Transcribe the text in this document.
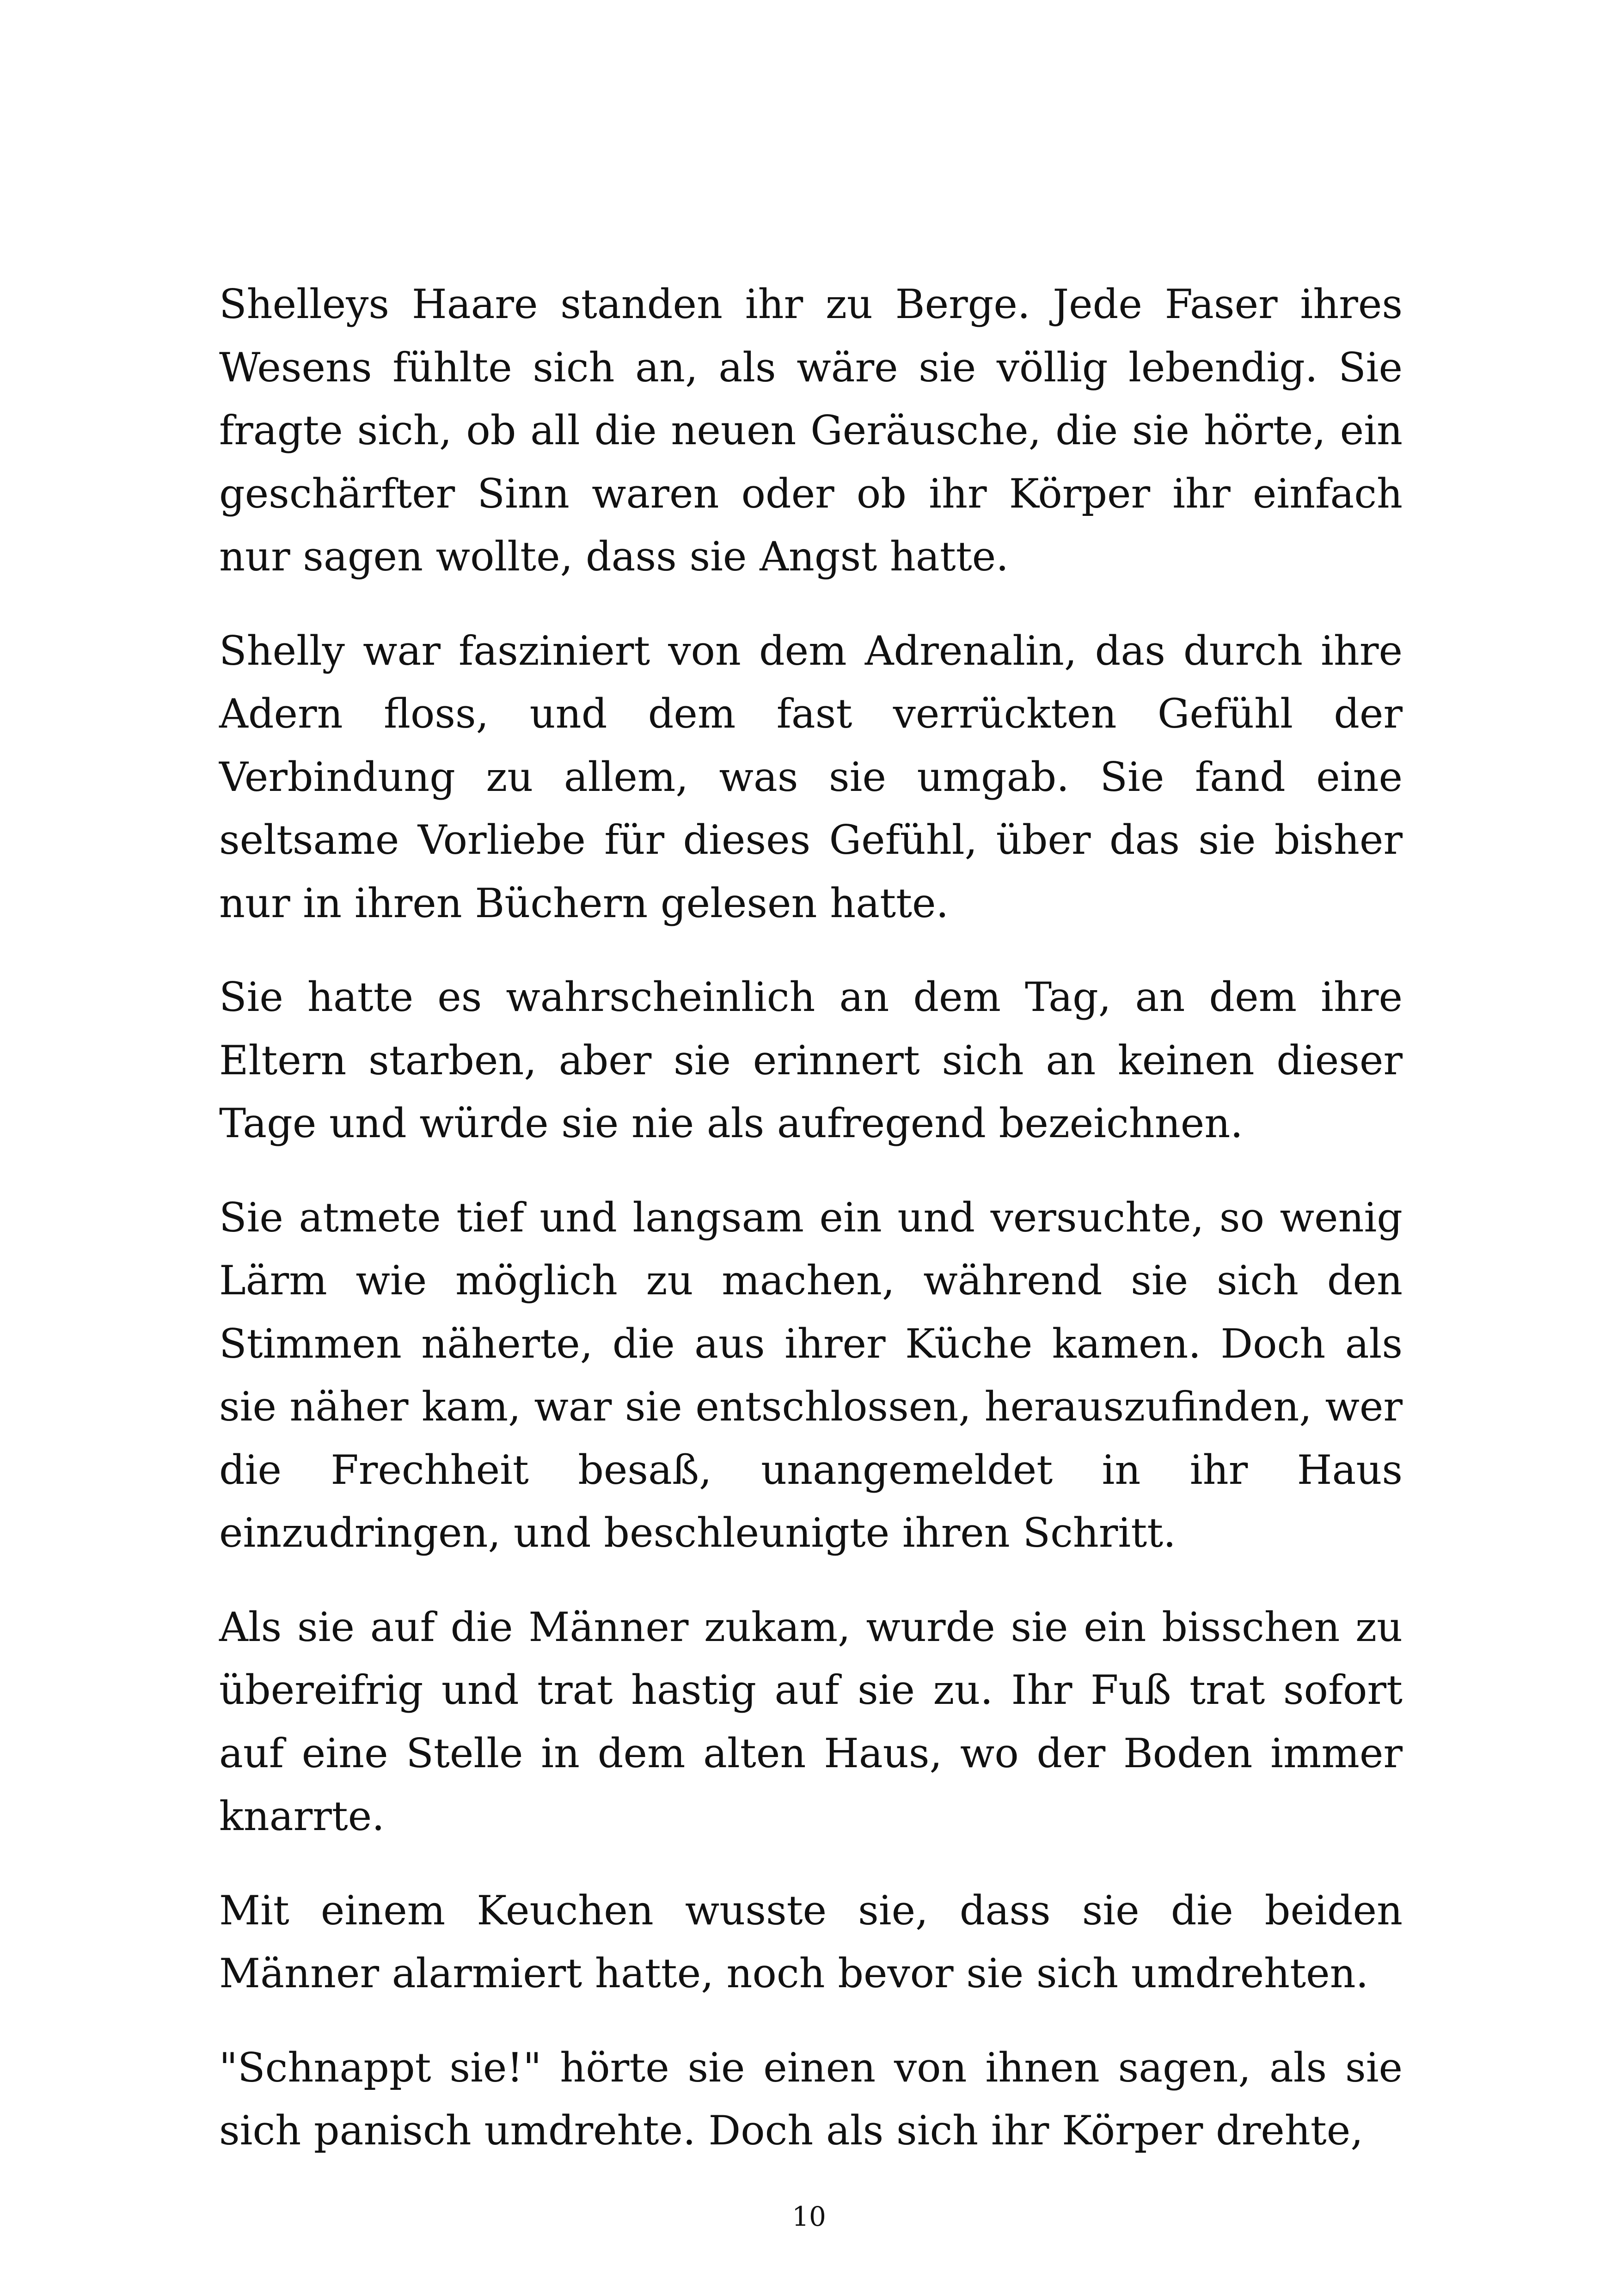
Shelleys Haare standen ihr zu Berge. Jede Faser ihres Wesens fühlte sich an, als wäre sie völlig lebendig. Sie fragte sich, ob all die neuen Geräusche, die sie hörte, ein geschärfter Sinn waren oder ob ihr Körper ihr einfach nur sagen wollte, dass sie Angst hatte.

Shelly war fasziniert von dem Adrenalin, das durch ihre Adern floss, und dem fast verrückten Gefühl der Verbindung zu allem, was sie umgab. Sie fand eine seltsame Vorliebe für dieses Gefühl, über das sie bisher nur in ihren Büchern gelesen hatte.

Sie hatte es wahrscheinlich an dem Tag, an dem ihre Eltern starben, aber sie erinnert sich an keinen dieser Tage und würde sie nie als aufregend bezeichnen.

Sie atmete tief und langsam ein und versuchte, so wenig Lärm wie möglich zu machen, während sie sich den Stimmen näherte, die aus ihrer Küche kamen. Doch als sie näher kam, war sie entschlossen, herauszufinden, wer die Frechheit besaß, unangemeldet in ihr Haus einzudringen, und beschleunigte ihren Schritt.

Als sie auf die Männer zukam, wurde sie ein bisschen zu übereifrig und trat hastig auf sie zu. Ihr Fuß trat sofort auf eine Stelle in dem alten Haus, wo der Boden immer knarrte.

Mit einem Keuchen wusste sie, dass sie die beiden Männer alarmiert hatte, noch bevor sie sich umdrehten.

"Schnappt sie!" hörte sie einen von ihnen sagen, als sie sich panisch umdrehte. Doch als sich ihr Körper drehte,

10
